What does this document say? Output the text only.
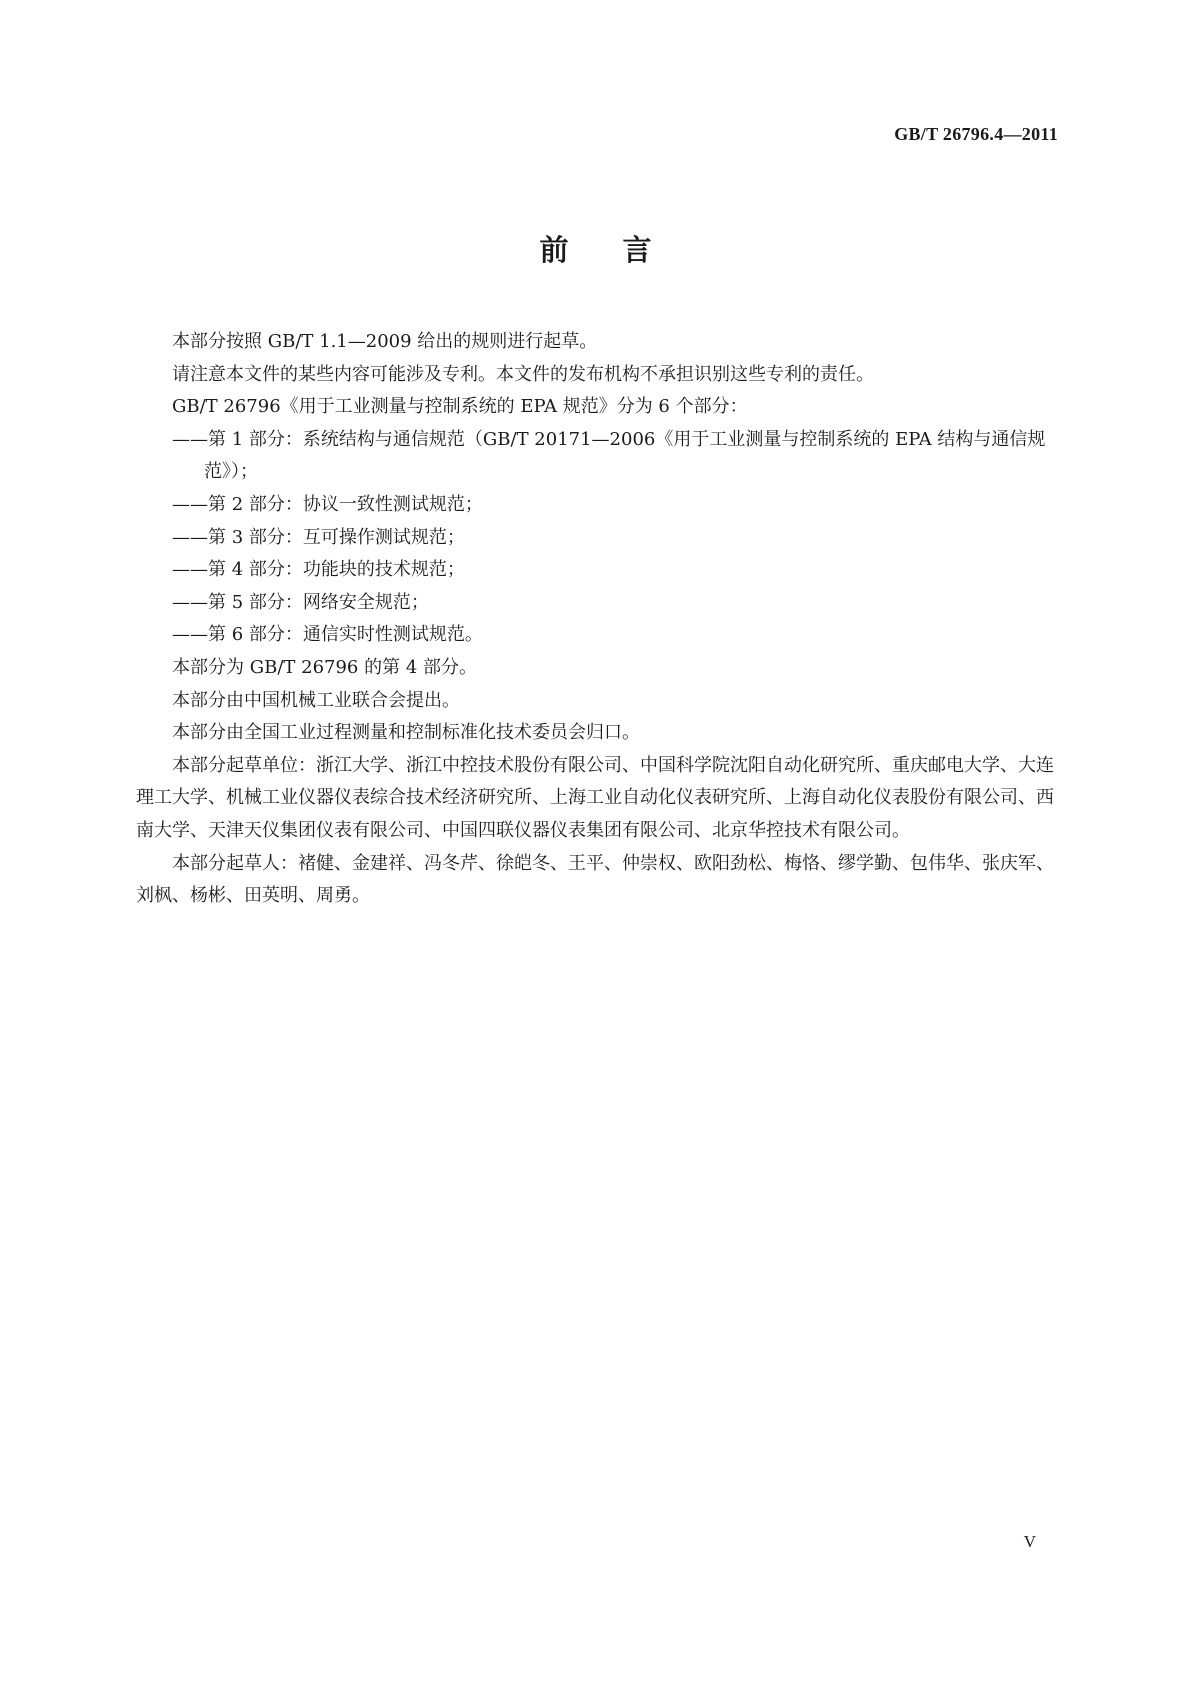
GB/T 26796.4—2011
前言

本部分按照 GB/T 1.1—2009 给出的规则进行起草。

请注意本文件的某些内容可能涉及专利。本文件的发布机构不承担识别这些专利的责任。

GB/T 26796《用于工业测量与控制系统的 EPA 规范》分为 6 个部分：

——第 1 部分：系统结构与通信规范（GB/T 20171—2006《用于工业测量与控制系统的 EPA 结构与通信规范》）；

——第 2 部分：协议一致性测试规范；

——第 3 部分：互可操作测试规范；

——第 4 部分：功能块的技术规范；

——第 5 部分：网络安全规范；

——第 6 部分：通信实时性测试规范。

本部分为 GB/T 26796 的第 4 部分。

本部分由中国机械工业联合会提出。

本部分由全国工业过程测量和控制标准化技术委员会归口。

本部分起草单位：浙江大学、浙江中控技术股份有限公司、中国科学院沈阳自动化研究所、重庆邮电大学、大连理工大学、机械工业仪器仪表综合技术经济研究所、上海工业自动化仪表研究所、上海自动化仪表股份有限公司、西南大学、天津天仪集团仪表有限公司、中国四联仪器仪表集团有限公司、北京华控技术有限公司。

本部分起草人：褚健、金建祥、冯冬芹、徐皑冬、王平、仲崇权、欧阳劲松、梅恪、缪学勤、包伟华、张庆军、刘枫、杨彬、田英明、周勇。

V
